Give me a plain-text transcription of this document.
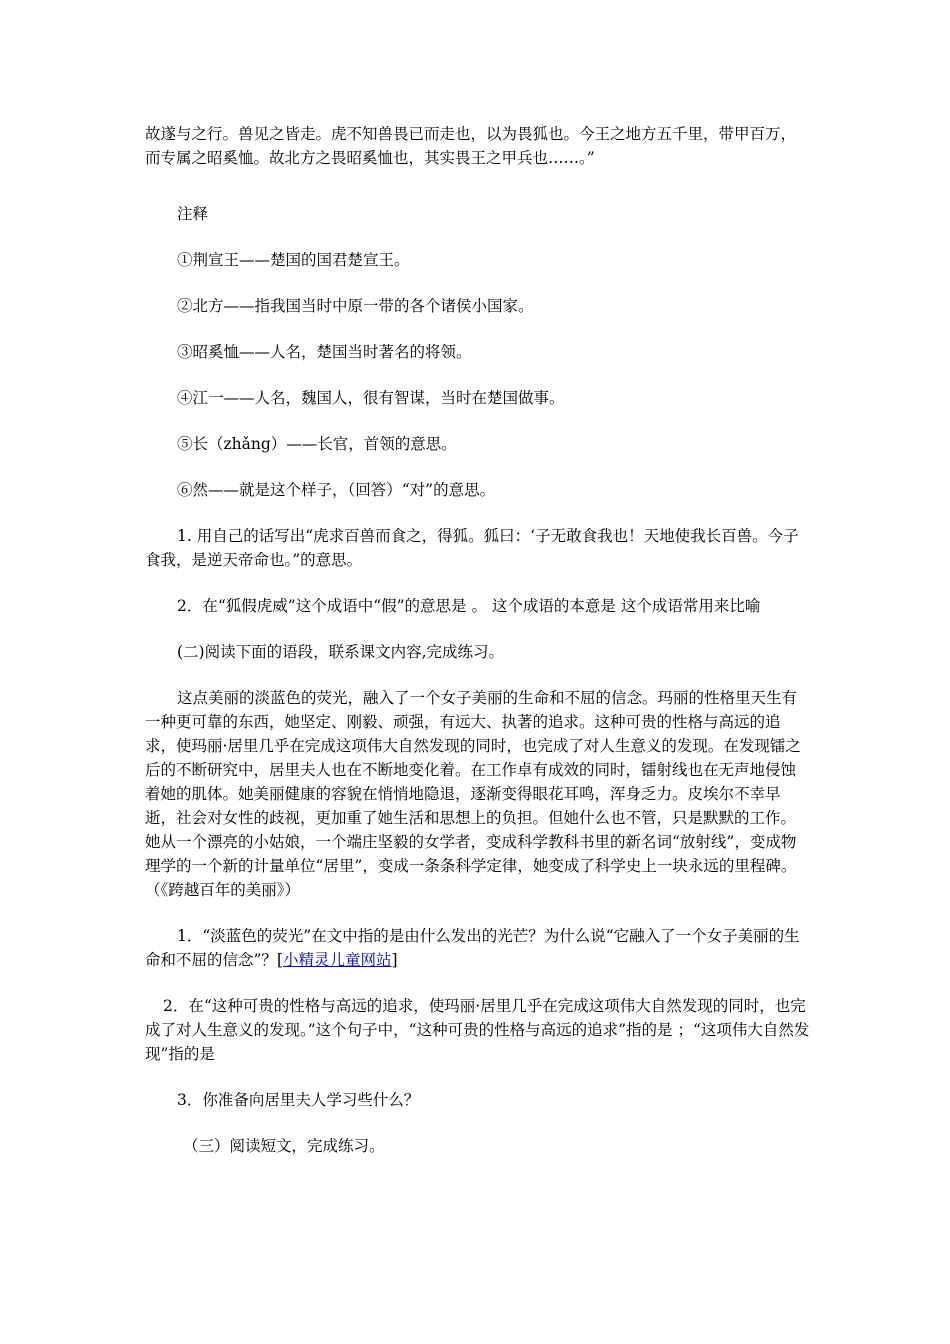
故遂与之行。兽见之皆走。虎不知兽畏已而走也，以为畏狐也。今王之地方五千里，带甲百万，而专属之昭奚恤。故北方之畏昭奚恤也，其实畏王之甲兵也……。”

注释

①荆宣王——楚国的国君楚宣王。

②北方——指我国当时中原一带的各个诸侯小国家。

③昭奚恤——人名，楚国当时著名的将领。

④江一——人名，魏国人，很有智谋，当时在楚国做事。

⑤长（zhǎng）——长官，首领的意思。

⑥然——就是这个样子，（回答）“对”的意思。

1. 用自己的话写出“虎求百兽而食之，得狐。狐曰：‘子无敢食我也！天地使我长百兽。今子食我，是逆天帝命也。”的意思。

2．在“狐假虎威”这个成语中“假”的意思是 。 这个成语的本意是 这个成语常用来比喻

(二)阅读下面的语段，联系课文内容,完成练习。

这点美丽的淡蓝色的荧光，融入了一个女子美丽的生命和不屈的信念。玛丽的性格里天生有一种更可靠的东西，她坚定、刚毅、顽强，有远大、执著的追求。这种可贵的性格与高远的追求，使玛丽·居里几乎在完成这项伟大自然发现的同时，也完成了对人生意义的发现。在发现镭之后的不断研究中，居里夫人也在不断地变化着。在工作卓有成效的同时，镭射线也在无声地侵蚀着她的肌体。她美丽健康的容貌在悄悄地隐退，逐渐变得眼花耳鸣，浑身乏力。皮埃尔不幸早逝，社会对女性的歧视，更加重了她生活和思想上的负担。但她什么也不管，只是默默的工作。她从一个漂亮的小姑娘，一个端庄坚毅的女学者，变成科学教科书里的新名词“放射线”，变成物理学的一个新的计量单位“居里”，变成一条条科学定律，她变成了科学史上一块永远的里程碑。（《跨越百年的美丽》）

1．“淡蓝色的荧光”在文中指的是由什么发出的光芒？为什么说“它融入了一个女子美丽的生命和不屈的信念”？[小精灵儿童网站]

2．在“这种可贵的性格与高远的追求，使玛丽·居里几乎在完成这项伟大自然发现的同时，也完成了对人生意义的发现。”这个句子中，“这种可贵的性格与高远的追求”指的是 ；“这项伟大自然发现”指的是

3．你准备向居里夫人学习些什么？

（三）阅读短文，完成练习。
